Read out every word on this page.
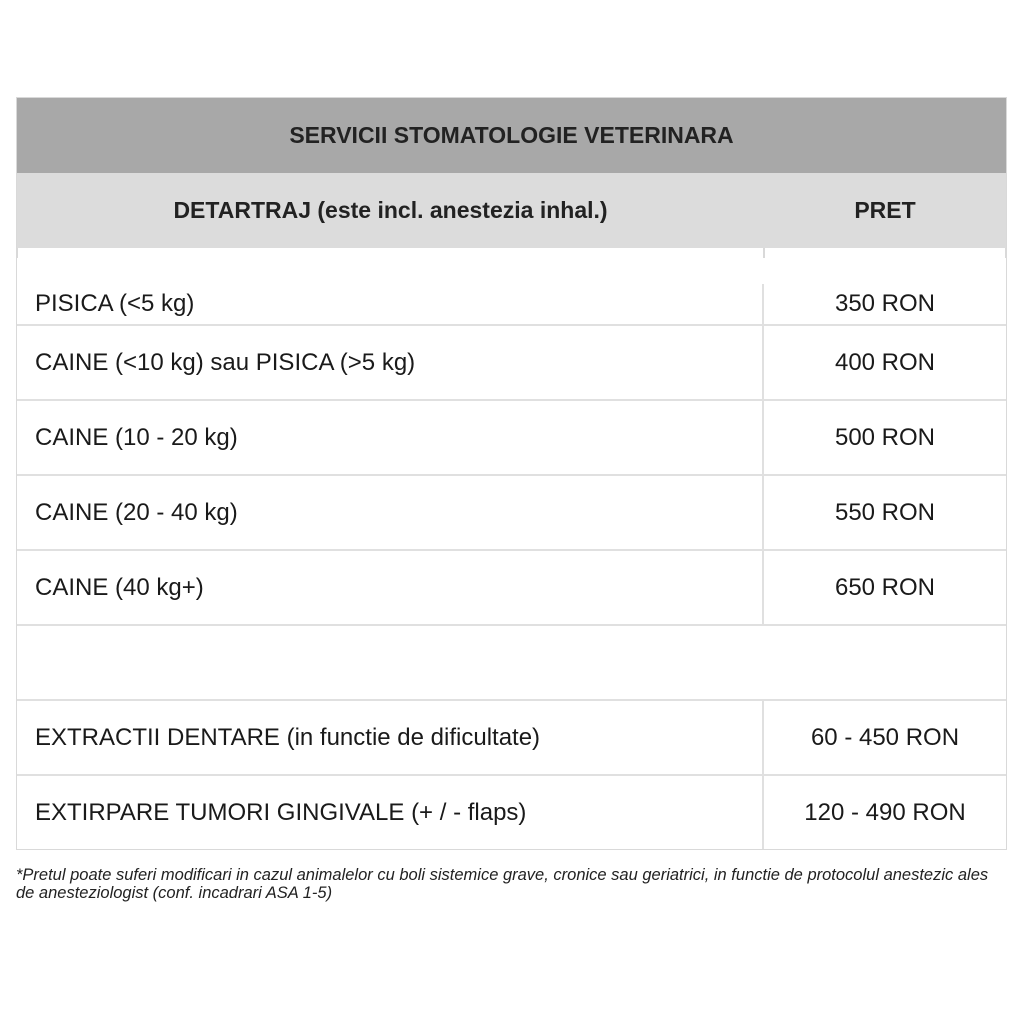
SERVICII STOMATOLOGIE VETERINARA
DETARTRAJ (este incl. anestezia inhal.)	PRET
PISICA (<5 kg)	350 RON
CAINE (<10 kg) sau PISICA (>5 kg)	400 RON
CAINE (10 - 20 kg)	500 RON
CAINE (20 - 40 kg)	550 RON
CAINE (40 kg+)	650 RON
EXTRACTII DENTARE (in functie de dificultate)	60 - 450 RON
EXTIRPARE TUMORI GINGIVALE (+ / - flaps)	120 - 490 RON
*Pretul poate suferi modificari in cazul animalelor cu boli sistemice grave, cronice sau geriatrici, in functie de protocolul anestezic ales de anesteziologist (conf. incadrari ASA 1-5)
